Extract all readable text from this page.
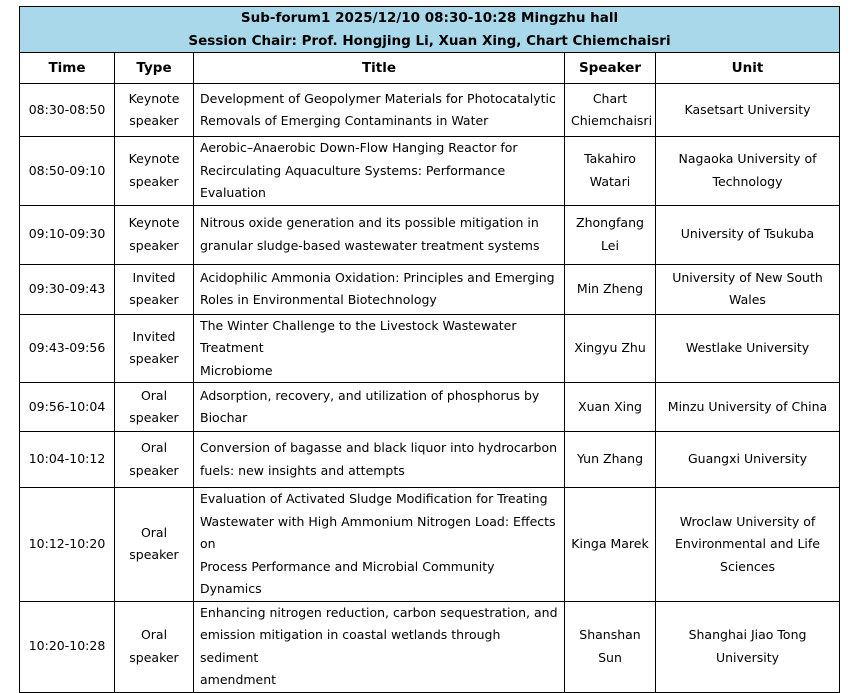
Sub-forum1 2025/12/10 08:30-10:28 Mingzhu hall
Session Chair: Prof. Hongjing Li, Xuan Xing, Chart Chiemchaisri				

Time	Type	Title	Speaker	Unit
08:30-08:50	Keynote
speaker	Development of Geopolymer Materials for Photocatalytic
Removals of Emerging Contaminants in Water	Chart
Chiemchaisri	Kasetsart University

08:50-09:10	Keynote
speaker	Aerobic–Anaerobic Down-Flow Hanging Reactor for
Recirculating Aquaculture Systems: Performance Evaluation	Takahiro
Watari	Nagaoka University of
Technology

09:10-09:30	Keynote
speaker	Nitrous oxide generation and its possible mitigation in
granular sludge-based wastewater treatment systems	Zhongfang
Lei	University of Tsukuba

09:30-09:43	Invited
speaker	Acidophilic Ammonia Oxidation: Principles and Emerging
Roles in Environmental Biotechnology	Min Zheng	University of New South
Wales

09:43-09:56	Invited
speaker	The Winter Challenge to the Livestock Wastewater Treatment
Microbiome	Xingyu Zhu	Westlake University

09:56-10:04	Oral
speaker	Adsorption, recovery, and utilization of phosphorus by
Biochar	Xuan Xing	Minzu University of China

10:04-10:12	Oral
speaker	Conversion of bagasse and black liquor into hydrocarbon
fuels: new insights and attempts	Yun Zhang	Guangxi University

10:12-10:20	Oral
speaker	Evaluation of Activated Sludge Modification for Treating
Wastewater with High Ammonium Nitrogen Load: Effects on
Process Performance and Microbial Community Dynamics	Kinga Marek	Wroclaw University of
Environmental and Life
Sciences

10:20-10:28	Oral
speaker	Enhancing nitrogen reduction, carbon sequestration, and
emission mitigation in coastal wetlands through sediment
amendment	Shanshan
Sun	Shanghai Jiao Tong
University
